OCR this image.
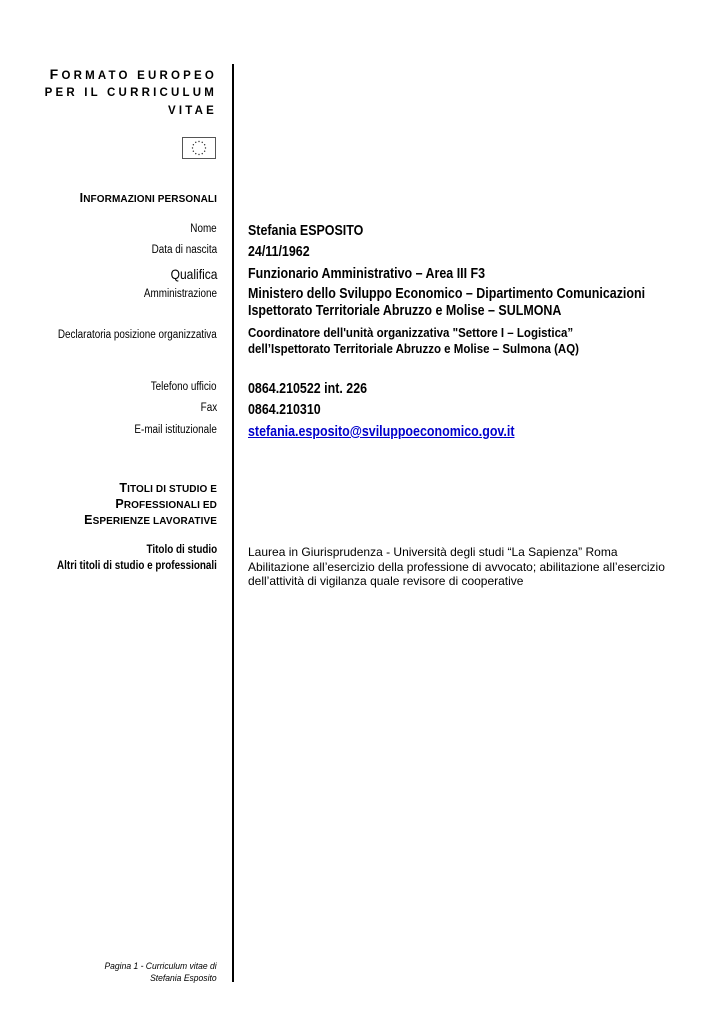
FORMATO EUROPEO
PER IL CURRICULUM
VITAE
INFORMAZIONI PERSONALI
Nome Stefania ESPOSITO
Data di nascita 24/11/1962
Qualifica Funzionario Amministrativo – Area III F3
Amministrazione Ministero dello Sviluppo Economico – Dipartimento Comunicazioni
Ispettorato Territoriale Abruzzo e Molise – SULMONA
Declaratoria posizione organizzativa Coordinatore dell'unità organizzativa "Settore I – Logistica”
dell’Ispettorato Territoriale Abruzzo e Molise – Sulmona (AQ)
Telefono ufficio 0864.210522 int. 226
Fax 0864.210310
E-mail istituzionale stefania.esposito@sviluppoeconomico.gov.it
TITOLI DI STUDIO E
PROFESSIONALI ED
ESPERIENZE LAVORATIVE
Titolo di studio
Altri titoli di studio e professionali
Laurea in Giurisprudenza - Università degli studi “La Sapienza” Roma
Abilitazione all’esercizio della professione di avvocato; abilitazione all’esercizio
dell’attività di vigilanza quale revisore di cooperative
Pagina 1 - Curriculum vitae di
Stefania Esposito
